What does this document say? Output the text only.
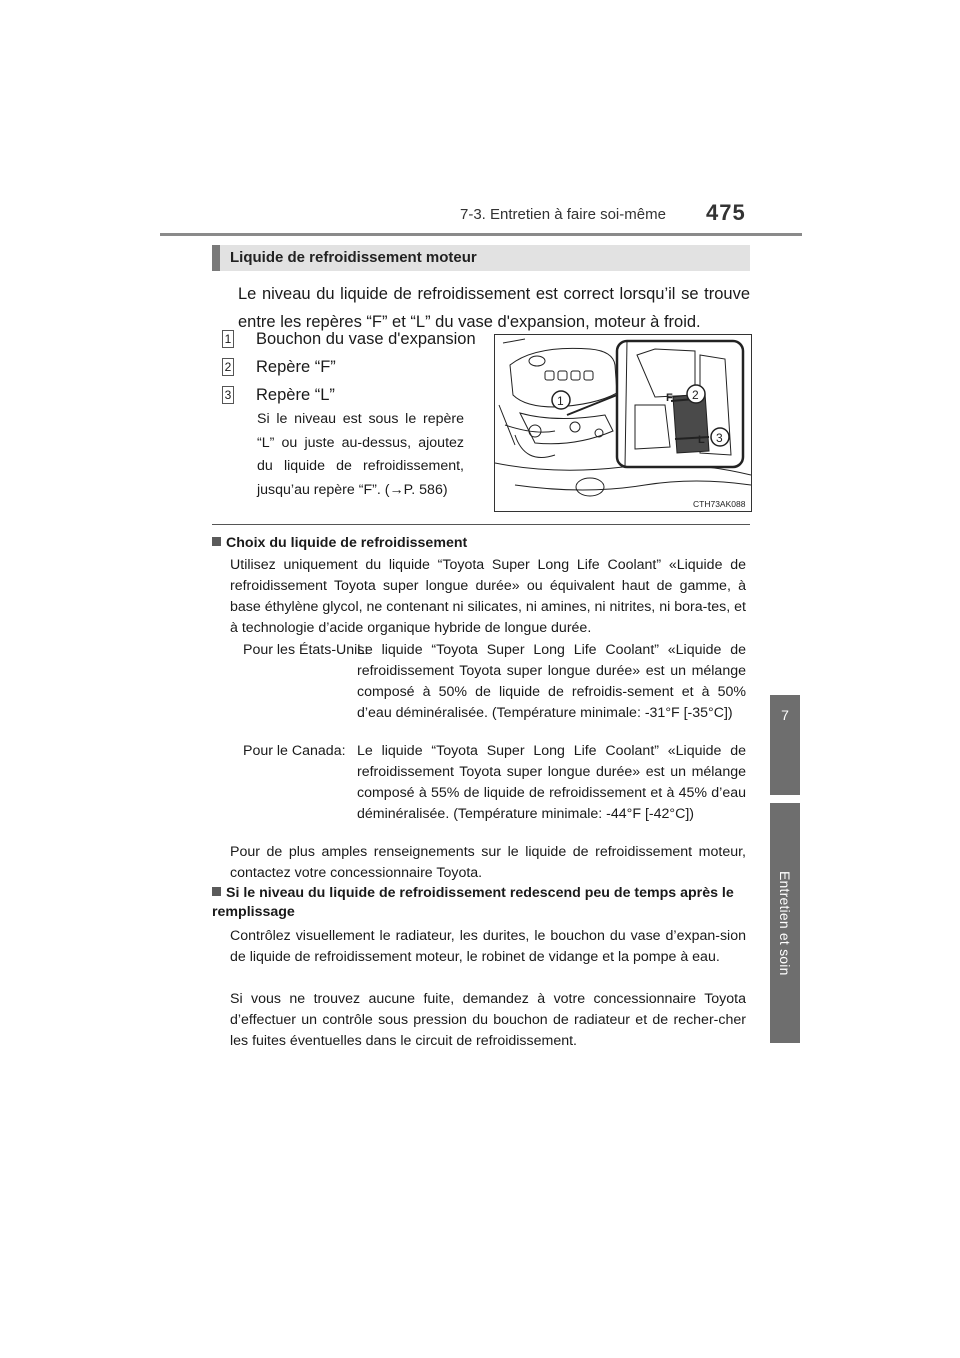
7-3. Entretien à faire soi-même 475
7
Entretien et soin
Liquide de refroidissement moteur
Le niveau du liquide de refroidissement est correct lorsqu’il se trouve entre les repères “F” et “L” du vase d'expansion, moteur à froid.
1 Bouchon du vase d'expansion
2 Repère “F”
3 Repère “L”
Si le niveau est sous le repère “L” ou juste au-dessus, ajoutez du liquide de refroidissement, jusqu’au repère “F”. (→P. 586)
F
L
1	2
3
CTH73AK088
Choix du liquide de refroidissement
Utilisez uniquement du liquide “Toyota Super Long Life Coolant” «Liquide de refroidissement Toyota super longue durée» ou équivalent haut de gamme, à base éthylène glycol, ne contenant ni silicates, ni amines, ni nitrites, ni bora-tes, et à technologie d’acide organique hybride de longue durée.
Pour les États-Unis:
Le liquide “Toyota Super Long Life Coolant” «Liquide de refroidissement Toyota super longue durée» est un mélange composé à 50% de liquide de refroidis-sement et à 50% d’eau déminéralisée. (Température minimale: -31°F [-35°C])
Pour le Canada: Le liquide “Toyota Super Long Life Coolant” «Liquide de refroidissement Toyota super longue durée» est un mélange composé à 55% de liquide de refroidissement et à 45% d’eau déminéralisée. (Température minimale: -44°F [-42°C])
Pour de plus amples renseignements sur le liquide de refroidissement moteur, contactez votre concessionnaire Toyota.
Si le niveau du liquide de refroidissement redescend peu de temps après le remplissage
Contrôlez visuellement le radiateur, les durites, le bouchon du vase d’expan-sion de liquide de refroidissement moteur, le robinet de vidange et la pompe à eau.
Si vous ne trouvez aucune fuite, demandez à votre concessionnaire Toyota d’effectuer un contrôle sous pression du bouchon de radiateur et de recher-cher les fuites éventuelles dans le circuit de refroidissement.
